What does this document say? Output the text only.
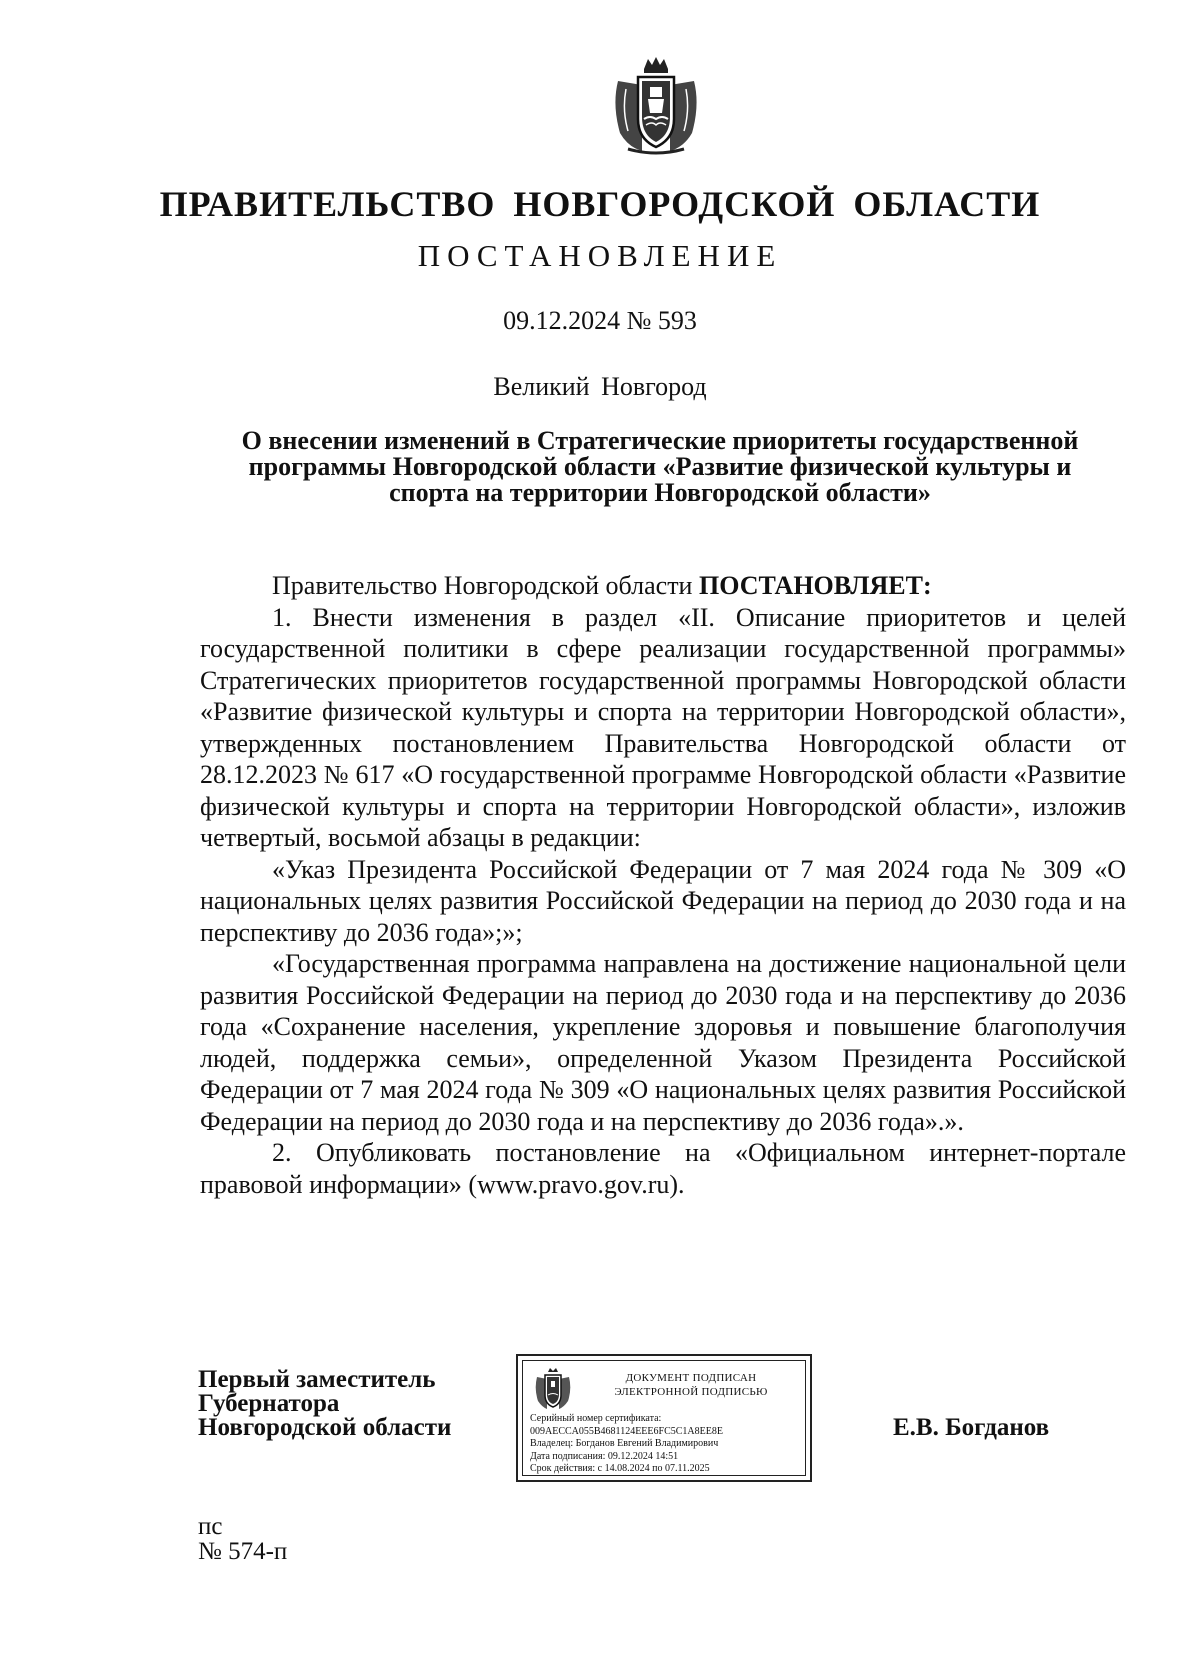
ПРАВИТЕЛЬСТВО НОВГОРОДСКОЙ ОБЛАСТИ
ПОСТАНОВЛЕНИЕ
09.12.2024 № 593
Великий Новгород
О внесении изменений в Стратегические приоритеты государственной программы Новгородской области «Развитие физической культуры и спорта на территории Новгородской области»

Правительство Новгородской области ПОСТАНОВЛЯЕТ:

1. Внести изменения в раздел «II. Описание приоритетов и целей государственной политики в сфере реализации государственной программы» Стратегических приоритетов государственной программы Новгородской области «Развитие физической культуры и спорта на территории Новгородской области», утвержденных постановлением Правительства Новгородской области от 28.12.2023 № 617 «О государственной программе Новгородской области «Развитие физической культуры и спорта на территории Новгородской области», изложив четвертый, восьмой абзацы в редакции:

«Указ Президента Российской Федерации от 7 мая 2024 года № 309 «О национальных целях развития Российской Федерации на период до 2030 года и на перспективу до 2036 года»;»;

«Государственная программа направлена на достижение национальной цели развития Российской Федерации на период до 2030 года и на перспективу до 2036 года «Сохранение населения, укрепление здоровья и повышение благополучия людей, поддержка семьи», определенной Указом Президента Российской Федерации от 7 мая 2024 года № 309 «О национальных целях развития Российской Федерации на период до 2030 года и на перспективу до 2036 года».».

2. Опубликовать постановление на «Официальном интернет-портале правовой информации» (www.pravo.gov.ru).

Первый заместитель
Губернатора
Новгородской области
ДОКУМЕНТ ПОДПИСАН
ЭЛЕКТРОННОЙ ПОДПИСЬЮ
Серийный номер сертификата:
009AECCA055B4681124EEE6FC5C1A8EE8E
Владелец: Богданов Евгений Владимирович
Дата подписания: 09.12.2024 14:51
Срок действия: с 14.08.2024 по 07.11.2025
Е.В. Богданов
пс
№ 574-п
